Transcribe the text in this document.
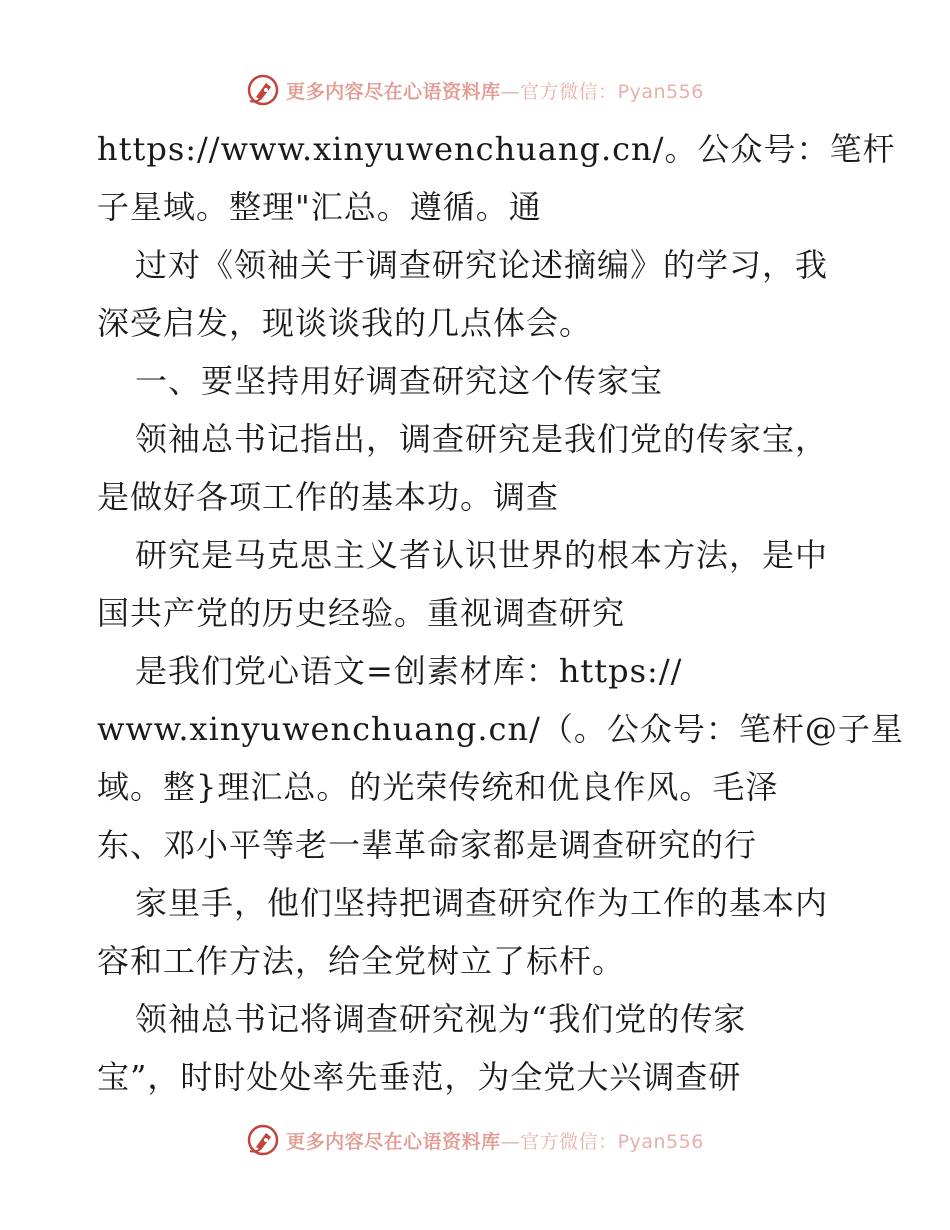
更多内容尽在心语资料库—官方微信：Pyan556
https://www.xinyuwenchuang.cn/。公众号：笔杆
子星域。整理"汇总。遵循。通
过对《领袖关于调查研究论述摘编》的学习，我
深受启发，现谈谈我的几点体会。
一、要坚持用好调查研究这个传家宝
领袖总书记指出，调查研究是我们党的传家宝，
是做好各项工作的基本功。调查
研究是马克思主义者认识世界的根本方法，是中
国共产党的历史经验。重视调查研究
是我们党心语文=创素材库：https://
www.xinyuwenchuang.cn/（。公众号：笔杆@子星
域。整}理汇总。的光荣传统和优良作风。毛泽
东、邓小平等老一辈革命家都是调查研究的行
家里手，他们坚持把调查研究作为工作的基本内
容和工作方法，给全党树立了标杆。
领袖总书记将调查研究视为“我们党的传家
宝”，时时处处率先垂范，为全党大兴调查研
更多内容尽在心语资料库—官方微信：Pyan556
